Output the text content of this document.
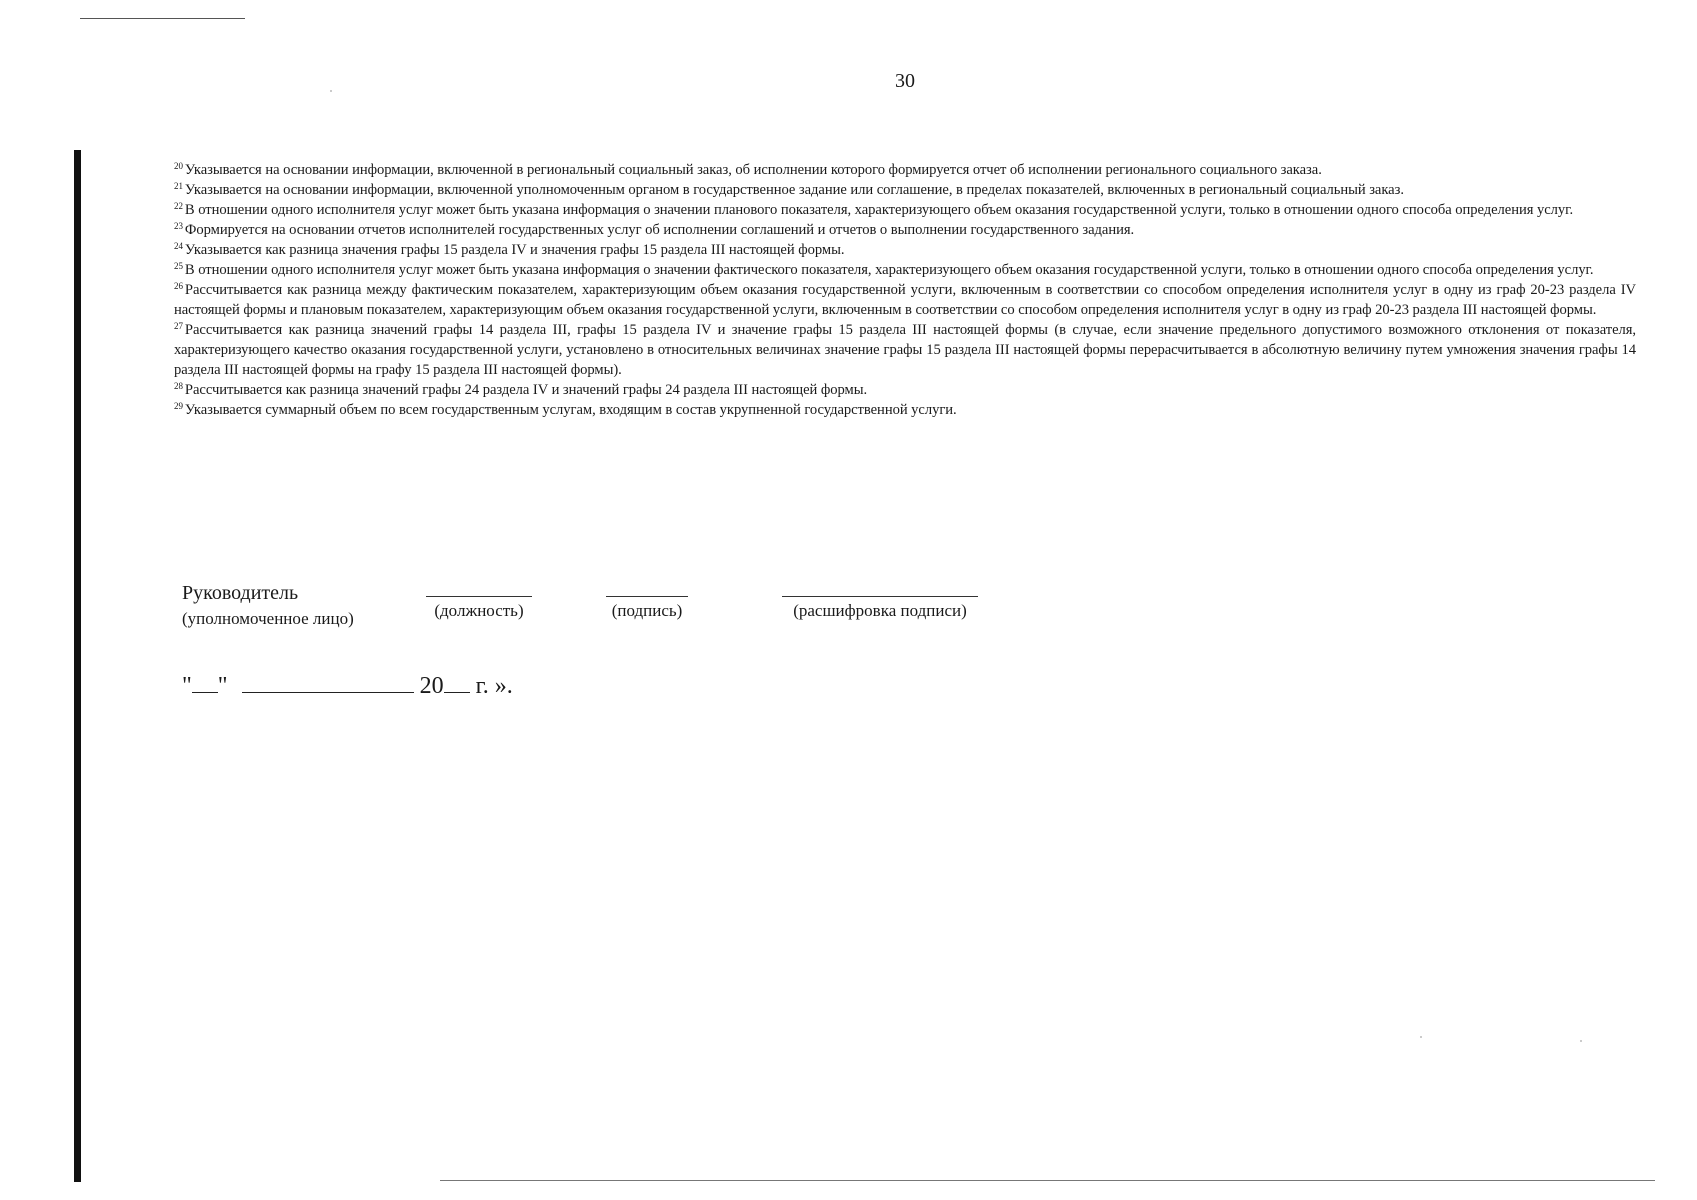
30

$^{20}$ Указывается на основании информации, включенной в региональный социальный заказ, об исполнении которого формируется отчет об исполнении регионального социального заказа.

$^{21}$ Указывается на основании информации, включенной уполномоченным органом в государственное задание или соглашение, в пределах показателей, включенных в региональный социальный заказ.

$^{22}$ В отношении одного исполнителя услуг может быть указана информация о значении планового показателя, характеризующего объем оказания государственной услуги, только в отношении одного способа определения услуг.

$^{23}$ Формируется на основании отчетов исполнителей государственных услуг об исполнении соглашений и отчетов о выполнении государственного задания.

$^{24}$ Указывается как разница значения графы 15 раздела IV и значения графы 15 раздела III настоящей формы.

$^{25}$ В отношении одного исполнителя услуг может быть указана информация о значении фактического показателя, характеризующего объем оказания государственной услуги, только в отношении одного способа определения услуг.

$^{26}$ Рассчитывается как разница между фактическим показателем, характеризующим объем оказания государственной услуги, включенным в соответствии со способом определения исполнителя услуг в одну из граф 20-23 раздела IV настоящей формы и плановым показателем, характеризующим объем оказания государственной услуги, включенным в соответствии со способом определения исполнителя услуг в одну из граф 20-23 раздела III настоящей формы.

$^{27}$ Рассчитывается как разница значений графы 14 раздела III, графы 15 раздела IV и значение графы 15 раздела III настоящей формы (в случае, если значение предельного допустимого возможного отклонения от показателя, характеризующего качество оказания государственной услуги, установлено в относительных величинах значение графы 15 раздела III настоящей формы перерасчитывается в абсолютную величину путем умножения значения графы 14 раздела III настоящей формы на графу 15 раздела III настоящей формы).

$^{28}$ Рассчитывается как разница значений графы 24 раздела IV и значений графы 24 раздела III настоящей формы.

$^{29}$ Указывается суммарный объем по всем государственным услугам, входящим в состав укрупненной государственной услуги.

Руководитель
(уполномоченное лицо)	(должность)	(подпись)	(расшифровка подписи)
" "	20 г. ».
